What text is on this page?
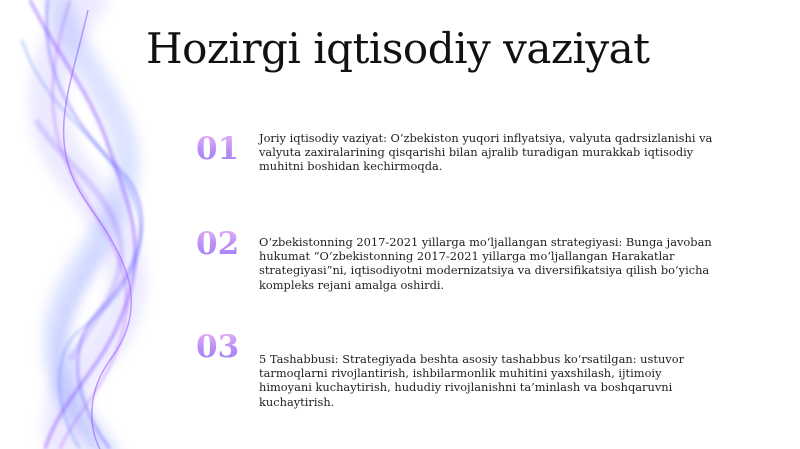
Hozirgi iqtisodiy vaziyat
01	Joriy iqtisodiy vaziyat: O‘zbekiston yuqori inflyatsiya, valyuta qadrsizlanishi va valyuta zaxiralarining qisqarishi bilan ajralib turadigan murakkab iqtisodiy muhitni boshidan kechirmoqda.
02	O‘zbekistonning 2017-2021 yillarga mo‘ljallangan strategiyasi: Bunga javoban hukumat “O‘zbekistonning 2017-2021 yillarga mo‘ljallangan Harakatlar strategiyasi”ni, iqtisodiyotni modernizatsiya va diversifikatsiya qilish bo‘yicha kompleks rejani amalga oshirdi.
03	5 Tashabbusi: Strategiyada beshta asosiy tashabbus ko‘rsatilgan: ustuvor tarmoqlarni rivojlantirish, ishbilarmonlik muhitini yaxshilash, ijtimoiy himoyani kuchaytirish, hududiy rivojlanishni ta’minlash va boshqaruvni kuchaytirish.
